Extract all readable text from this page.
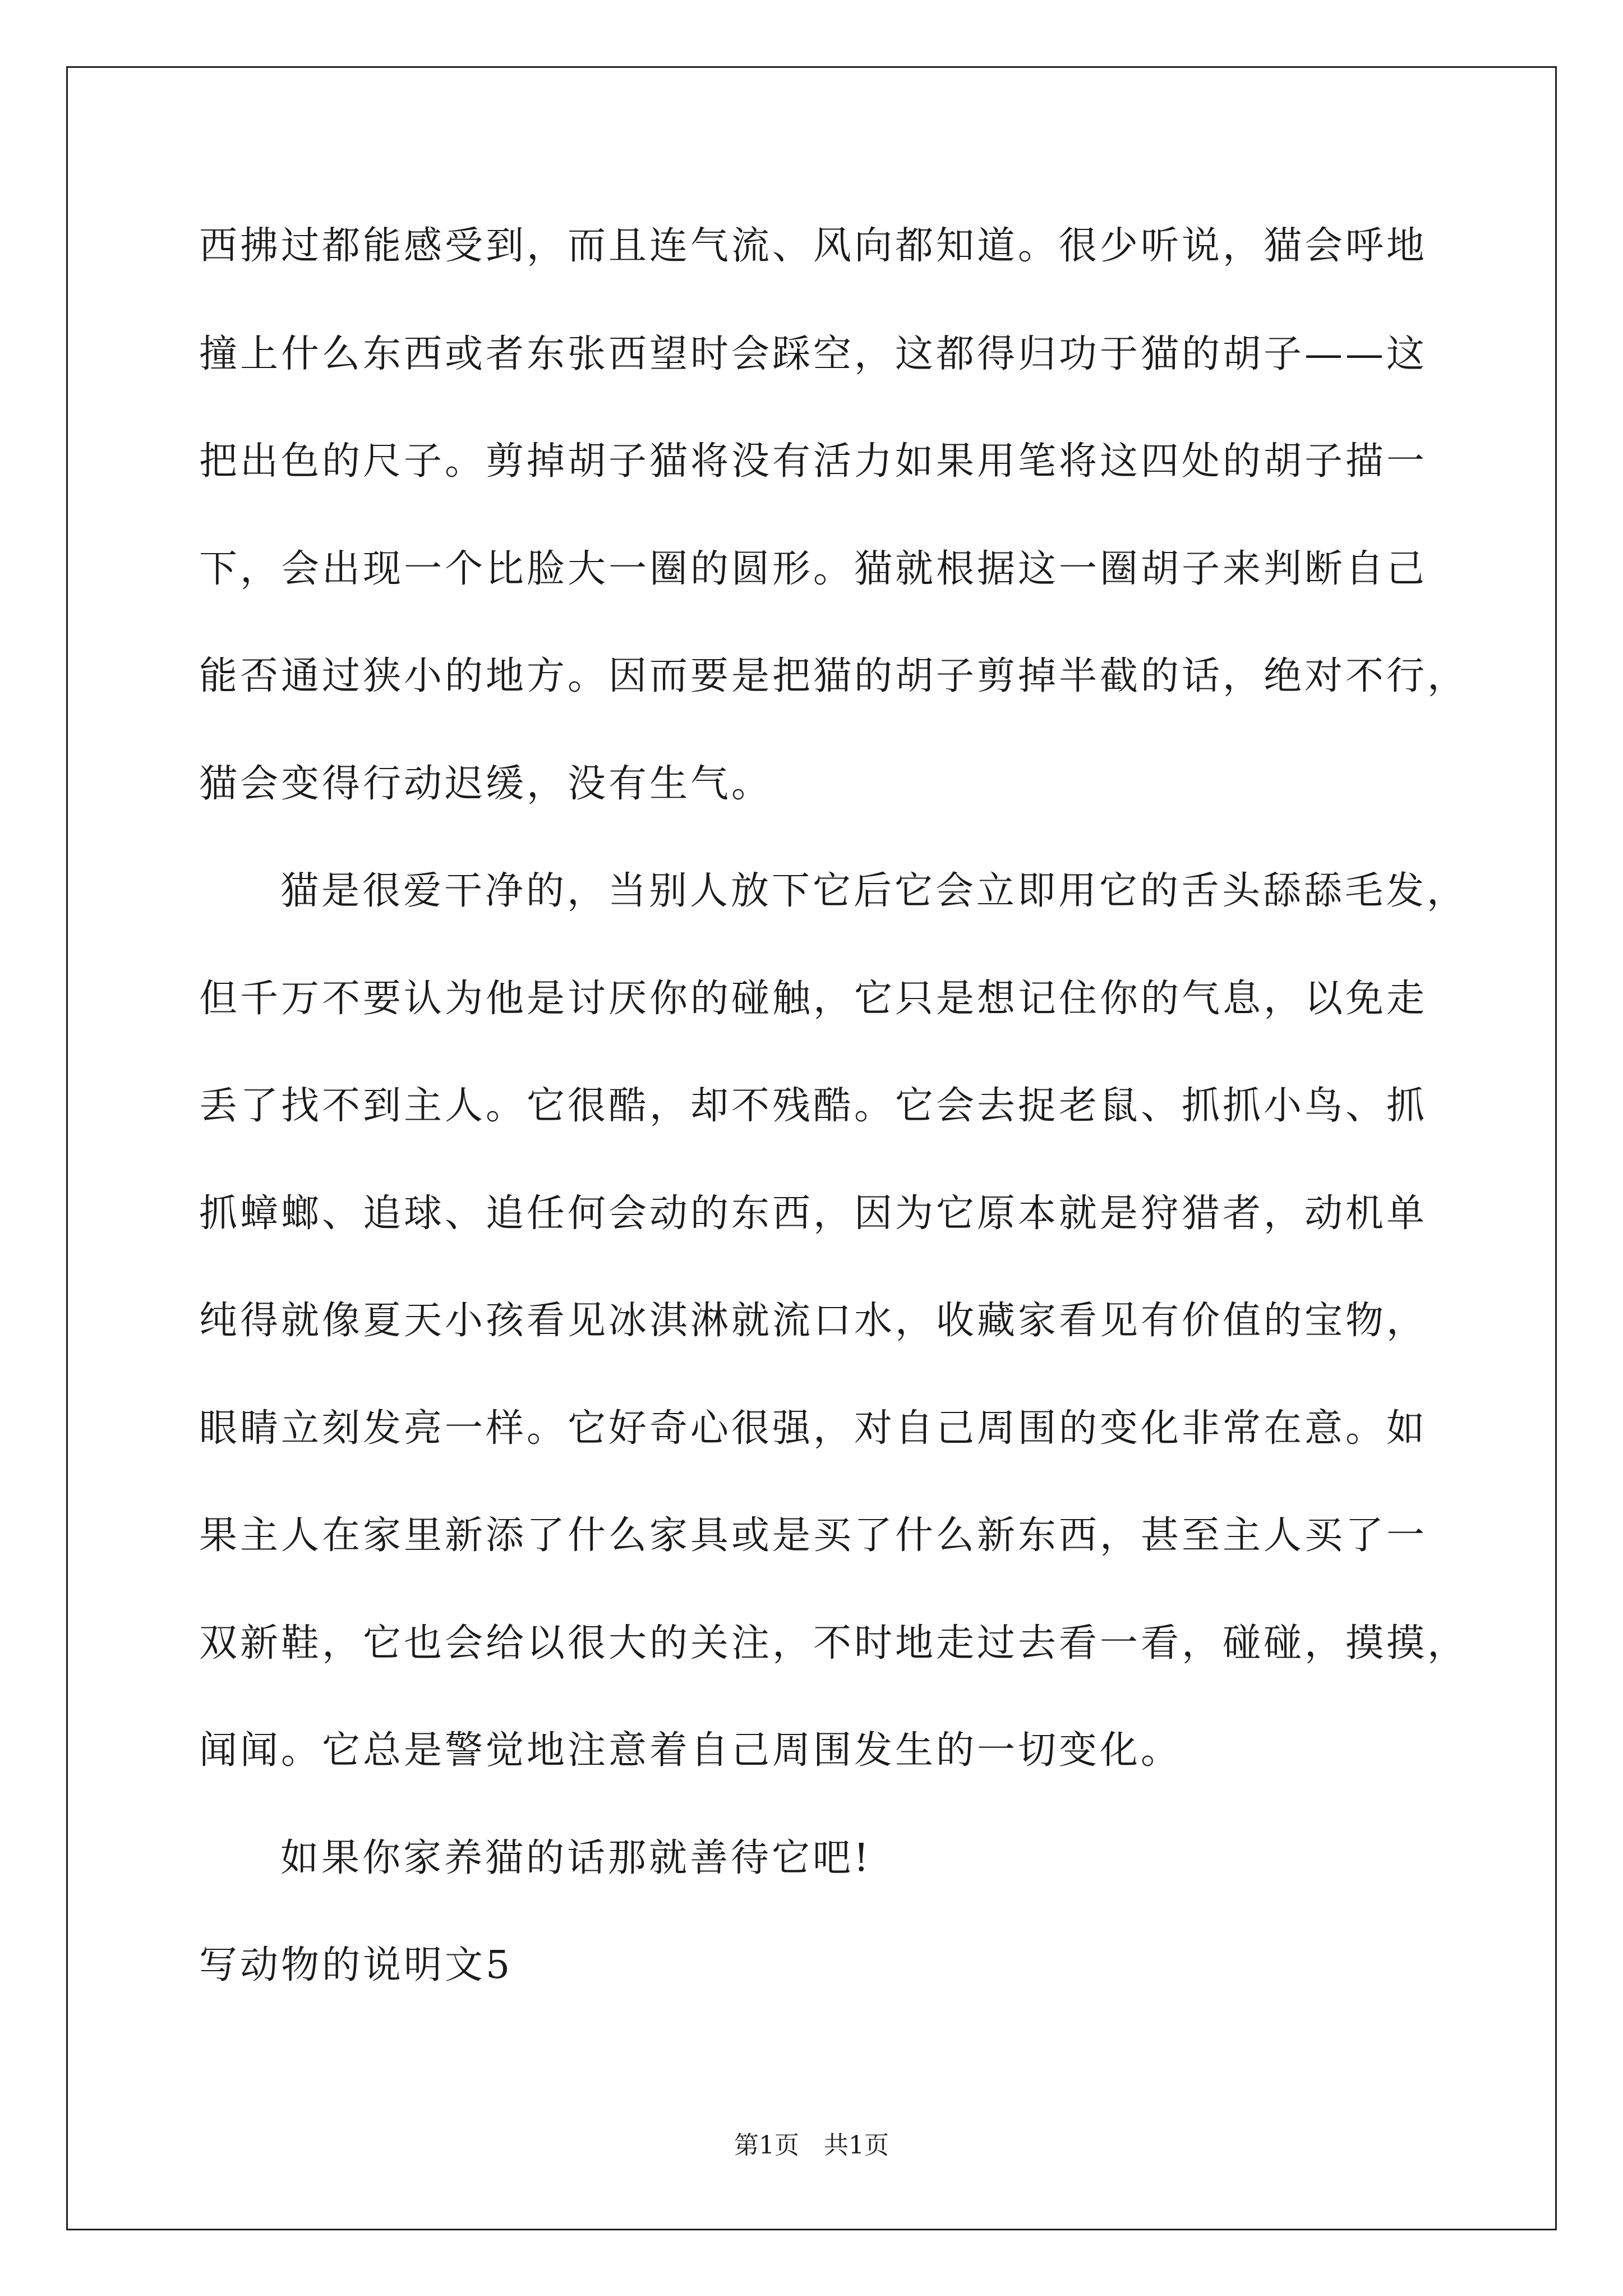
西拂过都能感受到，而且连气流、风向都知道。很少听说，猫会呼地
撞上什么东西或者东张西望时会踩空，这都得归功于猫的胡子——这
把出色的尺子。剪掉胡子猫将没有活力如果用笔将这四处的胡子描一
下，会出现一个比脸大一圈的圆形。猫就根据这一圈胡子来判断自己
能否通过狭小的地方。因而要是把猫的胡子剪掉半截的话，绝对不行，
猫会变得行动迟缓，没有生气。
猫是很爱干净的，当别人放下它后它会立即用它的舌头舔舔毛发，
但千万不要认为他是讨厌你的碰触，它只是想记住你的气息，以免走
丢了找不到主人。它很酷，却不残酷。它会去捉老鼠、抓抓小鸟、抓
抓蟑螂、追球、追任何会动的东西，因为它原本就是狩猎者，动机单
纯得就像夏天小孩看见冰淇淋就流口水，收藏家看见有价值的宝物，
眼睛立刻发亮一样。它好奇心很强，对自己周围的变化非常在意。如
果主人在家里新添了什么家具或是买了什么新东西，甚至主人买了一
双新鞋，它也会给以很大的关注，不时地走过去看一看，碰碰，摸摸，
闻闻。它总是警觉地注意着自己周围发生的一切变化。
如果你家养猫的话那就善待它吧!
写动物的说明文5
第1页　共1页
